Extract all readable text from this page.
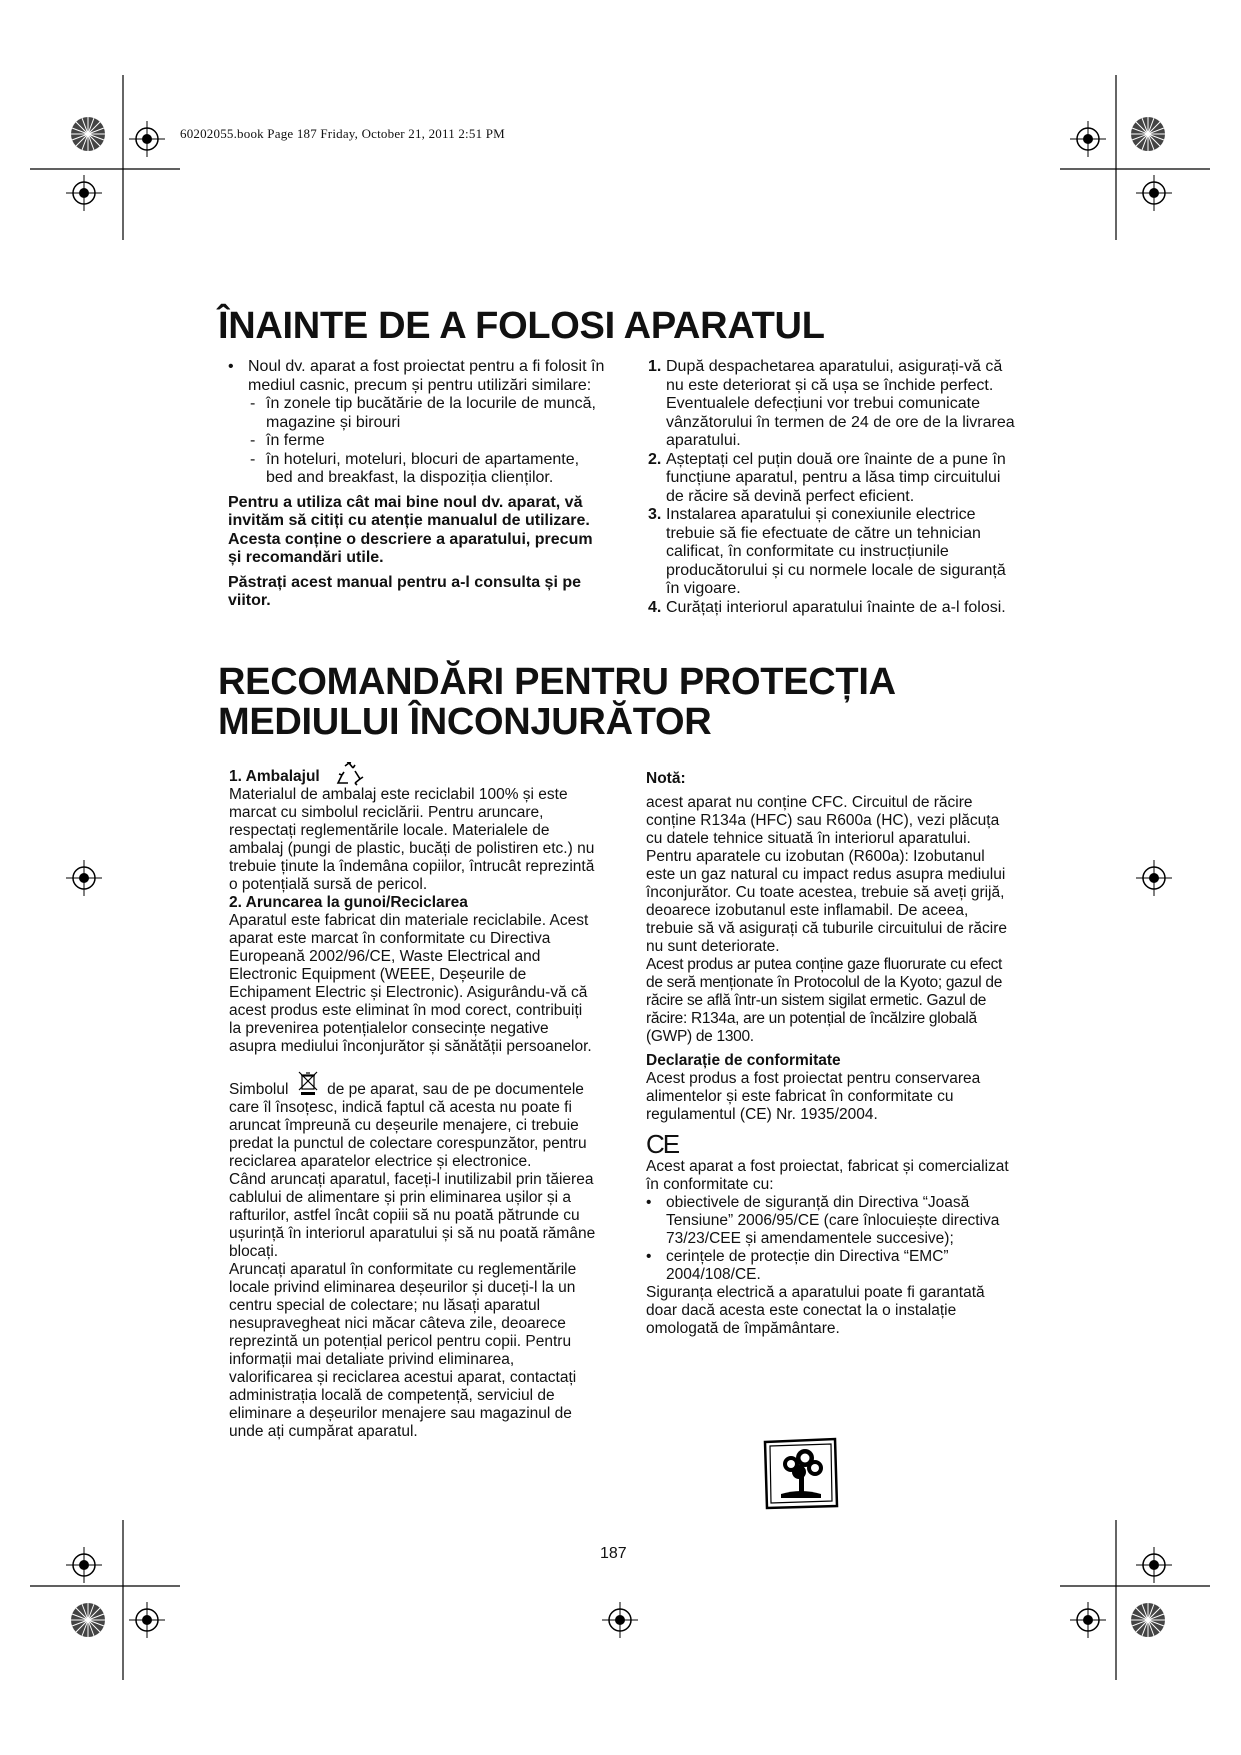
60202055.book Page 187 Friday, October 21, 2011 2:51 PM
ÎNAINTE DE A FOLOSI APARATUL
• Noul dv. aparat a fost proiectat pentru a fi folosit în mediul casnic, precum și pentru utilizări similare:
- în zonele tip bucătărie de la locurile de muncă, magazine și birouri
- în ferme
- în hoteluri, moteluri, blocuri de apartamente, bed and breakfast, la dispoziția clienților.

Pentru a utiliza cât mai bine noul dv. aparat, vă invităm să citiți cu atenție manualul de utilizare. Acesta conține o descriere a aparatului, precum și recomandări utile.

Păstrați acest manual pentru a-l consulta și pe viitor.

1. După despachetarea aparatului, asigurați-vă că nu este deteriorat și că ușa se închide perfect. Eventualele defecțiuni vor trebui comunicate vânzătorului în termen de 24 de ore de la livrarea aparatului.
2. Așteptați cel puțin două ore înainte de a pune în funcțiune aparatul, pentru a lăsa timp circuitului de răcire să devină perfect eficient.
3. Instalarea aparatului și conexiunile electrice trebuie să fie efectuate de către un tehnician calificat, în conformitate cu instrucțiunile producătorului și cu normele locale de siguranță în vigoare.
4. Curățați interiorul aparatului înainte de a-l folosi.
RECOMANDĂRI PENTRU PROTECȚIA
MEDIULUI ÎNCONJURĂTOR
1. Ambalajul

Materialul de ambalaj este reciclabil 100% și este marcat cu simbolul reciclării. Pentru aruncare, respectați reglementările locale. Materialele de ambalaj (pungi de plastic, bucăți de polistiren etc.) nu trebuie ținute la îndemâna copiilor, întrucât reprezintă o potențială sursă de pericol.

2. Aruncarea la gunoi/Reciclarea

Aparatul este fabricat din materiale reciclabile. Acest aparat este marcat în conformitate cu Directiva Europeană 2002/96/CE, Waste Electrical and Electronic Equipment (WEEE, Deșeurile de Echipament Electric și Electronic). Asigurându-vă că acest produs este eliminat în mod corect, contribuiți la prevenirea potențialelor consecințe negative asupra mediului înconjurător și sănătății persoanelor.

Simbolul de pe aparat, sau de pe documentele care îl însoțesc, indică faptul că acesta nu poate fi aruncat împreună cu deșeurile menajere, ci trebuie predat la punctul de colectare corespunzător, pentru reciclarea aparatelor electrice și electronice.

Când aruncați aparatul, faceți-l inutilizabil prin tăierea cablului de alimentare și prin eliminarea ușilor și a rafturilor, astfel încât copiii să nu poată pătrunde cu ușurință în interiorul aparatului și să nu poată rămâne blocați.

Aruncați aparatul în conformitate cu reglementările locale privind eliminarea deșeurilor și duceți-l la un centru special de colectare; nu lăsați aparatul nesupravegheat nici măcar câteva zile, deoarece reprezintă un potențial pericol pentru copii. Pentru informații mai detaliate privind eliminarea, valorificarea și reciclarea acestui aparat, contactați administrația locală de competență, serviciul de eliminare a deșeurilor menajere sau magazinul de unde ați cumpărat aparatul.

Notă:

acest aparat nu conține CFC. Circuitul de răcire conține R134a (HFC) sau R600a (HC), vezi plăcuța cu datele tehnice situată în interiorul aparatului.

Pentru aparatele cu izobutan (R600a): Izobutanul este un gaz natural cu impact redus asupra mediului înconjurător. Cu toate acestea, trebuie să aveți grijă, deoarece izobutanul este inflamabil. De aceea, trebuie să vă asigurați că tuburile circuitului de răcire nu sunt deteriorate.

Acest produs ar putea conține gaze fluorurate cu efect de seră menționate în Protocolul de la Kyoto; gazul de răcire se află într-un sistem sigilat ermetic. Gazul de răcire: R134a, are un potențial de încălzire globală (GWP) de 1300.

Declarație de conformitate

Acest produs a fost proiectat pentru conservarea alimentelor și este fabricat în conformitate cu regulamentul (CE) Nr. 1935/2004.

CE

Acest aparat a fost proiectat, fabricat și comercializat în conformitate cu:

• obiectivele de siguranță din Directiva “Joasă Tensiune” 2006/95/CE (care înlocuiește directiva 73/23/CEE și amendamentele succesive);
• cerințele de protecție din Directiva “EMC” 2004/108/CE.

Siguranța electrică a aparatului poate fi garantată doar dacă acesta este conectat la o instalație omologată de împământare.

187
